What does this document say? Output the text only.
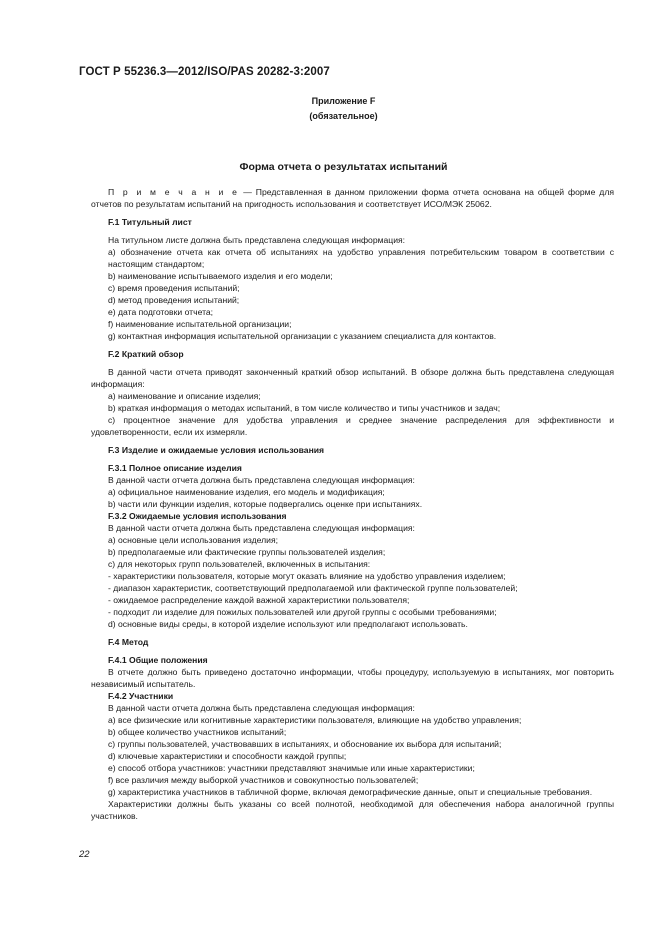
ГОСТ Р 55236.3—2012/ISO/PAS 20282-3:2007
Приложение F
(обязательное)
Форма отчета о результатах испытаний

П р и м е ч а н и е — Представленная в данном приложении форма отчета основана на общей форме для отчетов по результатам испытаний на пригодность использования и соответствует ИСО/МЭК 25062.

F.1 Титульный лист

На титульном листе должна быть представлена следующая информация:

a) обозначение отчета как отчета об испытаниях на удобство управления потребительским товаром в соответствии с настоящим стандартом;

b) наименование испытываемого изделия и его модели;

c) время проведения испытаний;

d) метод проведения испытаний;

e) дата подготовки отчета;

f) наименование испытательной организации;

g) контактная информация испытательной организации с указанием специалиста для контактов.

F.2 Краткий обзор

В данной части отчета приводят законченный краткий обзор испытаний. В обзоре должна быть представлена следующая информация:

a) наименование и описание изделия;

b) краткая информация о методах испытаний, в том числе количество и типы участников и задач;

c) процентное значение для удобства управления и среднее значение распределения для эффективности и удовлетворенности, если их измеряли.

F.3 Изделие и ожидаемые условия использования

F.3.1 Полное описание изделия

В данной части отчета должна быть представлена следующая информация:

a) официальное наименование изделия, его модель и модификация;

b) части или функции изделия, которые подвергались оценке при испытаниях.

F.3.2 Ожидаемые условия использования

В данной части отчета должна быть представлена следующая информация:

a) основные цели использования изделия;

b) предполагаемые или фактические группы пользователей изделия;

c) для некоторых групп пользователей, включенных в испытания:

- характеристики пользователя, которые могут оказать влияние на удобство управления изделием;

- диапазон характеристик, соответствующий предполагаемой или фактической группе пользователей;

- ожидаемое распределение каждой важной характеристики пользователя;

- подходит ли изделие для пожилых пользователей или другой группы с особыми требованиями;

d) основные виды среды, в которой изделие используют или предполагают использовать.

F.4 Метод

F.4.1 Общие положения

В отчете должно быть приведено достаточно информации, чтобы процедуру, используемую в испытаниях, мог повторить независимый испытатель.

F.4.2 Участники

В данной части отчета должна быть представлена следующая информация:

a) все физические или когнитивные характеристики пользователя, влияющие на удобство управления;

b) общее количество участников испытаний;

c) группы пользователей, участвовавших в испытаниях, и обоснование их выбора для испытаний;

d) ключевые характеристики и способности каждой группы;

e) способ отбора участников: участники представляют значимые или иные характеристики;

f) все различия между выборкой участников и совокупностью пользователей;

g) характеристика участников в табличной форме, включая демографические данные, опыт и специальные требования.

Характеристики должны быть указаны со всей полнотой, необходимой для обеспечения набора аналогичной группы участников.

22
